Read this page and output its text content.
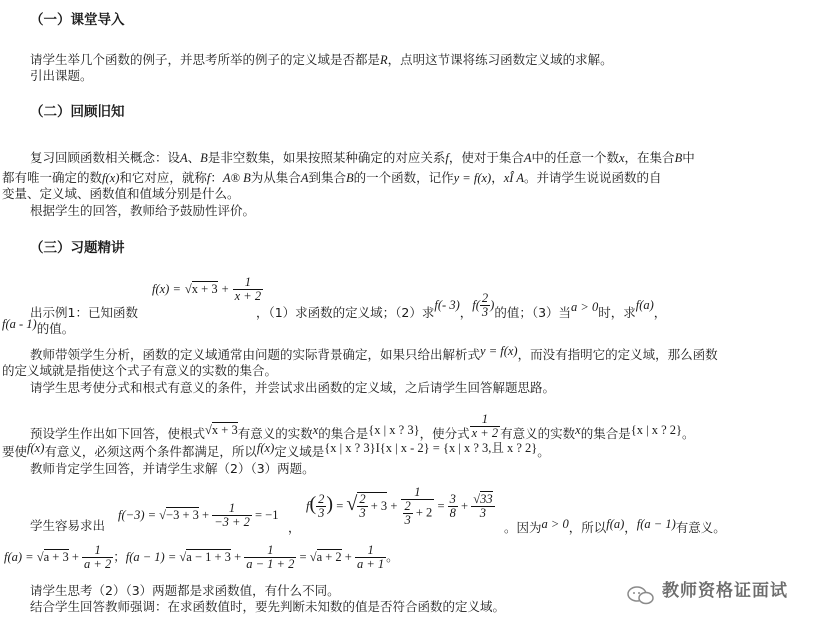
（一）课堂导入
请学生举几个函数的例子，并思考所举的例子的定义域是否都是R，点明这节课将练习函数定义域的求解。
引出课题。
（二）回顾旧知
复习回顾函数相关概念：设A、B是非空数集，如果按照某种确定的对应关系f，使对于集合A中的任意一个数x，在集合B中
都有唯一确定的数f(x)和它对应，就称f：A® B为从集合A到集合B的一个函数，记作y = f(x)，xÎ A。并请学生说说函数的自
变量、定义域、函数值和值域分别是什么。
根据学生的回答，教师给予鼓励性评价。
（三）习题精讲
$f(x) = √x + 3 + \frac{1}{x + 2}$
出示例1：已知函数	，（1）求函数的定义域；（2）求f(- 3)，$f( \frac{2}{3}$ )的值；（3）当a > 0时，求f(a)，
f(a - 1)的值。
教师带领学生分析，函数的定义域通常由问题的实际背景确定，如果只给出解析式y = f(x)，而没有指明它的定义域，那么函数
的定义域就是指使这个式子有意义的实数的集合。
请学生思考使分式和根式有意义的条件，并尝试求出函数的定义域，之后请学生回答解题思路。
预设学生作出如下回答，使根式√x + 3有意义的实数x的集合是{x | x ? 3}，使分式 $\frac{1}{x + 2}$ 有意义的实数x的集合是{x | x ? 2}。
要使f(x)有意义，必须这两个条件都满足，所以f(x)定义域是{x | x ? 3}I{x | x - 2} = {x | x ? 3,且 x ? 2}。
教师肯定学生回答，并请学生求解（2）（3）两题。
学生容易求出
$f(-3) = √-3 + 3 + \frac{1}{-3 + 2} = -1$
，
$f( \frac{2}{3}$ ) = √ $\frac{2}{3} + 3 + \frac{1}{\frac{2}{3} + 2} = \frac{3}{8} + \frac{√33}{3}$
。因为a > 0，所以f(a)，f(a − 1)有意义。
$f(a) = √a + 3 + \frac{1}{a + 2}$ ；$f(a - 1) = √a - 1 + 3 + \frac{1}{a - 1 + 2} = √a + 2 + \frac{1}{a + 1}$ 。
请学生思考（2）（3）两题都是求函数值，有什么不同。
结合学生回答教师强调：在求函数值时，要先判断未知数的值是否符合函数的定义域。
教师资格证面试
